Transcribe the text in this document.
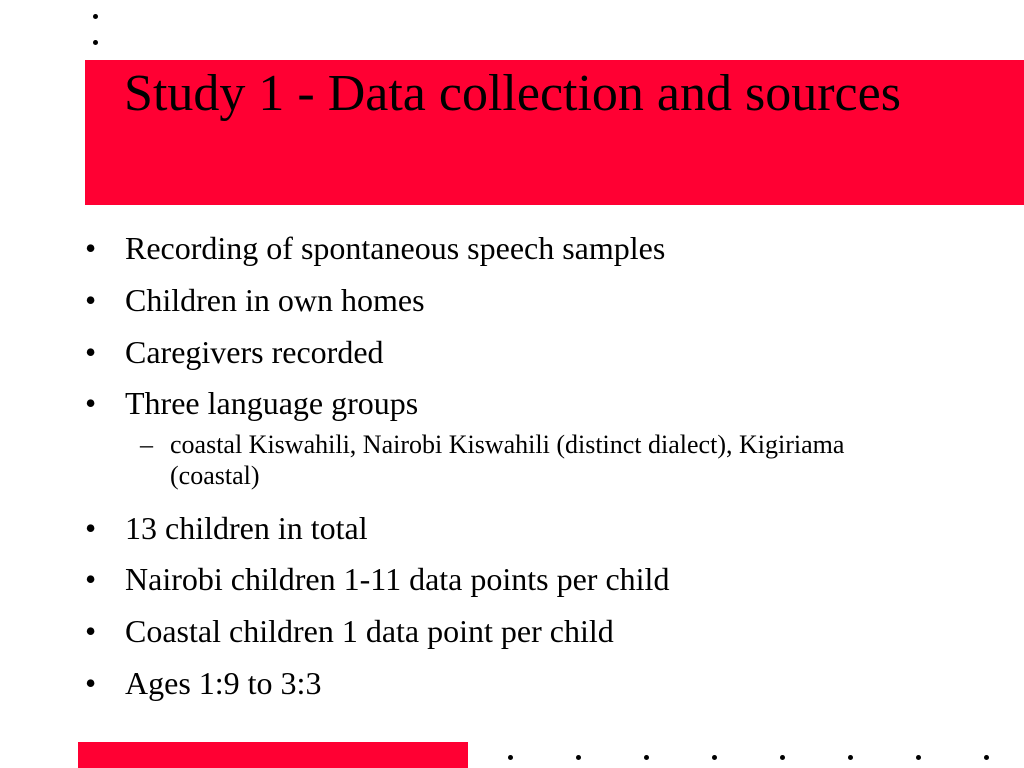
Study 1 - Data collection and sources
• Recording of spontaneous speech samples
• Children in own homes
• Caregivers recorded
• Three language groups
– coastal Kiswahili, Nairobi Kiswahili (distinct dialect), Kigiriama (coastal)
• 13 children in total
• Nairobi children 1-11 data points per child
• Coastal children 1 data point per child
• Ages 1:9 to 3:3
